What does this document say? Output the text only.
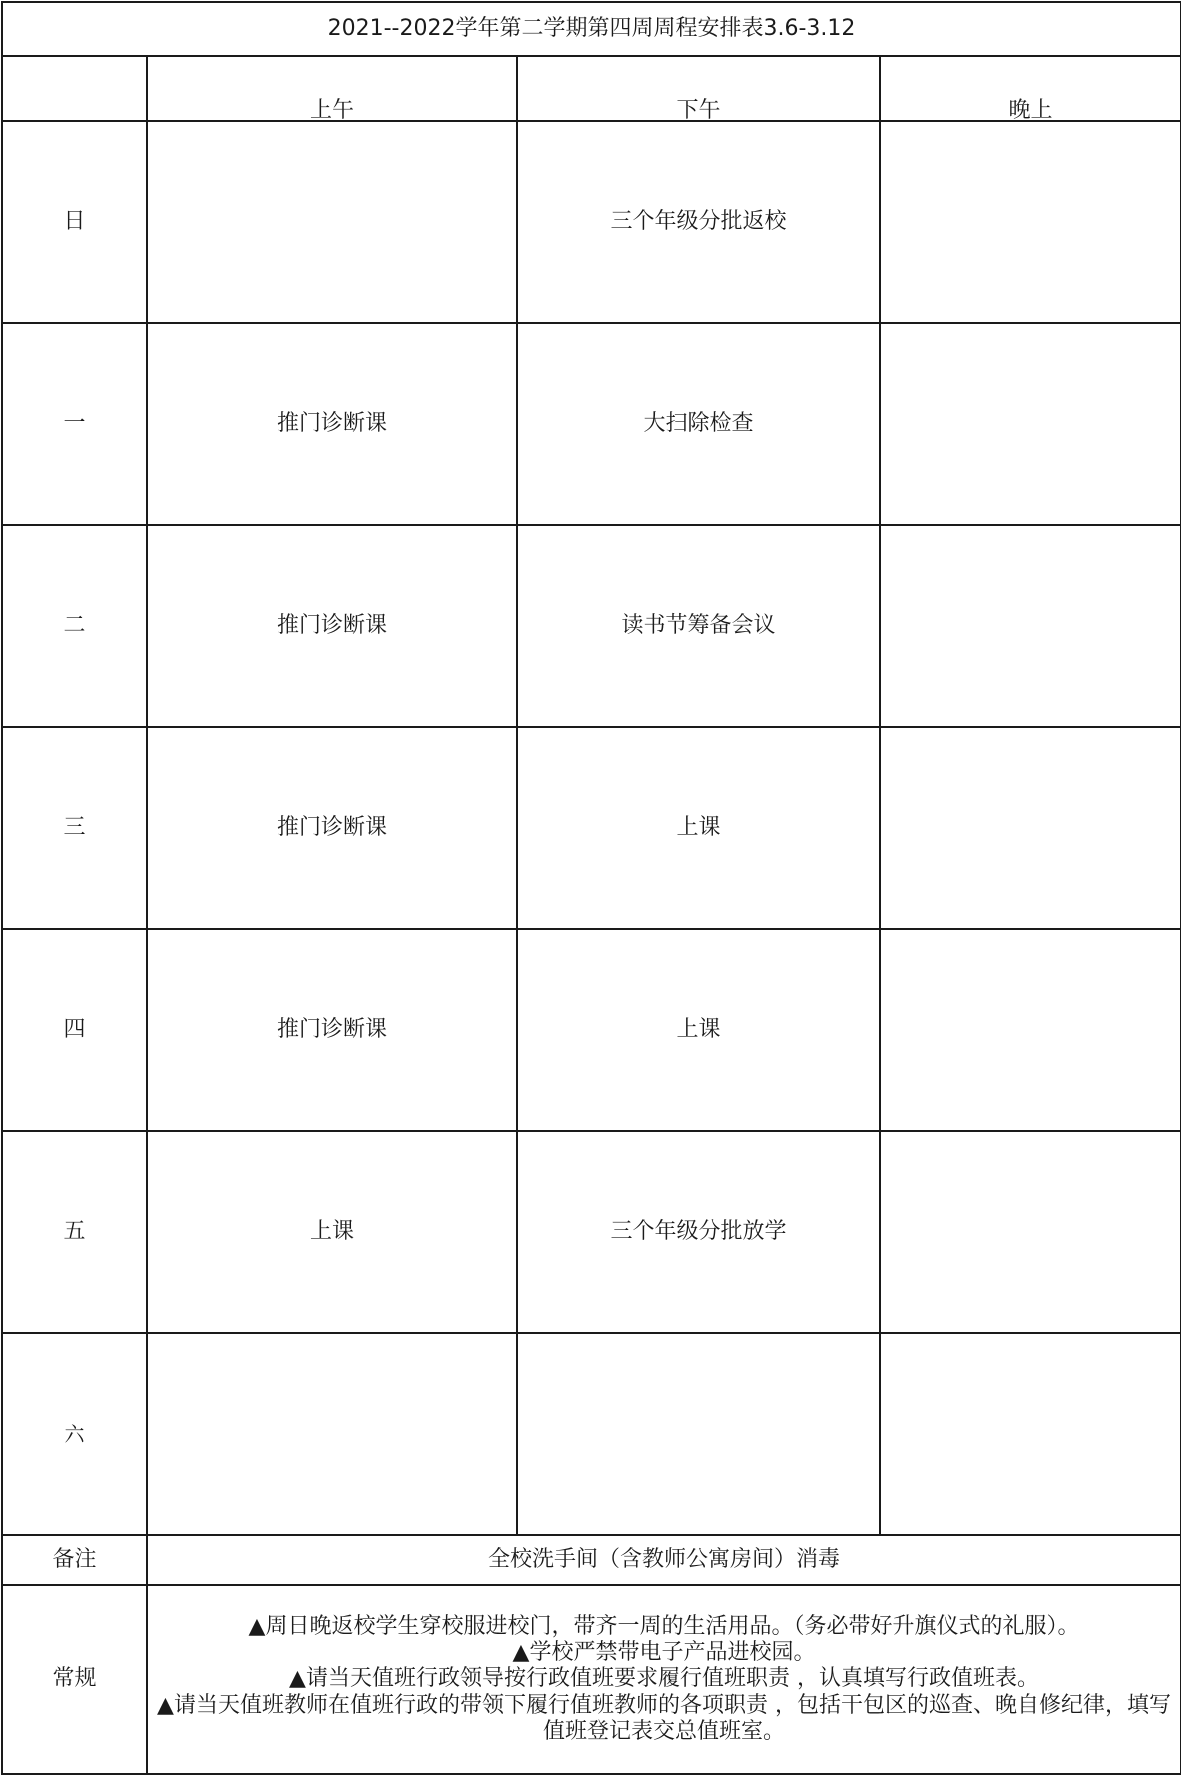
2021--2022学年第二学期第四周周程安排表3.6-3.12			
	上午	下午	晚上
日		三个年级分批返校	
一	推门诊断课	大扫除检查	
二	推门诊断课	读书节筹备会议	
三	推门诊断课	上课	
四	推门诊断课	上课	
五	上课	三个年级分批放学	
六			
备注	全校洗手间（含教师公寓房间）消毒		
常规	▲周日晚返校学生穿校服进校门，带齐一周的生活用品。（务必带好升旗仪式的礼服）。
▲学校严禁带电子产品进校园。
▲请当天值班行政领导按行政值班要求履行值班职责 ，认真填写行政值班表。
▲请当天值班教师在值班行政的带领下履行值班教师的各项职责 ，包括干包区的巡查、晚自修纪律，填写值班登记表交总值班室。		
